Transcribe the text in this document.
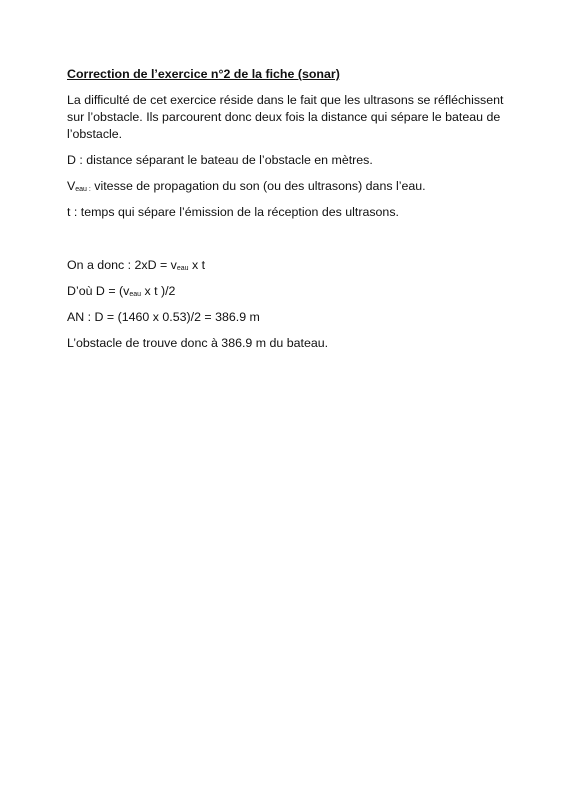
Correction de l’exercice n°2 de la fiche (sonar)

La difficulté de cet exercice réside dans le fait que les ultrasons se réfléchissent sur l’obstacle. Ils parcourent donc deux fois la distance qui sépare le bateau de l’obstacle.

D : distance séparant le bateau de l’obstacle en mètres.

$V_{eau :}$ vitesse de propagation du son (ou des ultrasons) dans l’eau.

t : temps qui sépare l’émission de la réception des ultrasons.

On a donc : $2xD = v_{eau}$ x t

D’où $D = (v_{eau}$ x t )/2

AN : D = (1460 x 0.53)/2 = 386.9 m

L’obstacle de trouve donc à 386.9 m du bateau.
